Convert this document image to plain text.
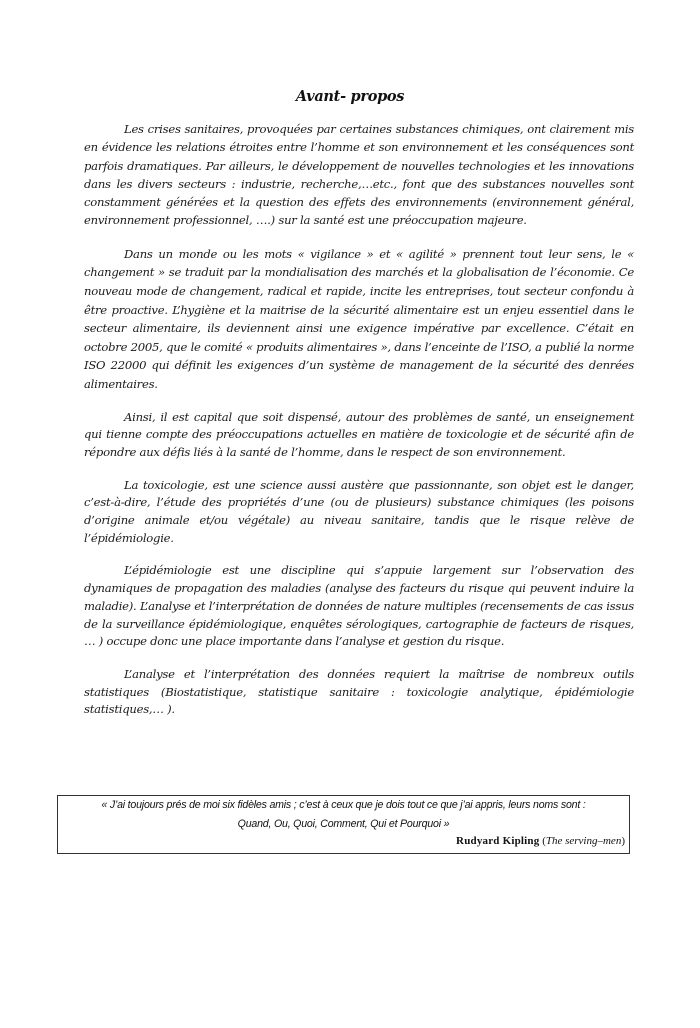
Avant- propos

Les crises sanitaires, provoquées par certaines substances chimiques, ont clairement mis en évidence les relations étroites entre l’homme et son environnement et les conséquences sont parfois dramatiques. Par ailleurs, le développement de nouvelles technologies et les innovations dans les divers secteurs : industrie, recherche,…etc., font que des substances nouvelles sont constamment générées et la question des effets des environnements (environnement général, environnement professionnel, ….) sur la santé est une préoccupation majeure.

Dans un monde ou les mots « vigilance » et « agilité » prennent tout leur sens, le « changement » se traduit par la mondialisation des marchés et la globalisation de l’économie. Ce nouveau mode de changement, radical et rapide, incite les entreprises, tout secteur confondu à être proactive. L’hygiène et la maitrise de la sécurité alimentaire est un enjeu essentiel dans le secteur alimentaire, ils deviennent ainsi une exigence impérative par excellence. C’était en octobre 2005, que le comité « produits alimentaires », dans l’enceinte de l’ISO, a publié la norme ISO 22000 qui définit les exigences d’un système de management de la sécurité des denrées alimentaires.

Ainsi, il est capital que soit dispensé, autour des problèmes de santé, un enseignement qui tienne compte des préoccupations actuelles en matière de toxicologie et de sécurité afin de répondre aux défis liés à la santé de l’homme, dans le respect de son environnement.

La toxicologie, est une science aussi austère que passionnante, son objet est le danger, c’est-à-dire, l’étude des propriétés d’une (ou de plusieurs) substance chimiques (les poisons d’origine animale et/ou végétale) au niveau sanitaire, tandis que le risque relève de l’épidémiologie.

L’épidémiologie est une discipline qui s’appuie largement sur l’observation des dynamiques de propagation des maladies (analyse des facteurs du risque qui peuvent induire la maladie). L’analyse et l’interprétation de données de nature multiples (recensements de cas issus de la surveillance épidémiologique, enquêtes sérologiques, cartographie de facteurs de risques, … ) occupe donc une place importante dans l’analyse et gestion du risque.

L’analyse et l’interprétation des données requiert la maîtrise de nombreux outils statistiques (Biostatistique, statistique sanitaire : toxicologie analytique, épidémiologie statistiques,… ).

« J’ai toujours prés de moi six fidèles amis ; c’est à ceux que je dois tout ce que j’ai appris, leurs noms sont :
Quand, Ou, Quoi, Comment, Qui et Pourquoi »
Rudyard Kipling (The serving–men)
